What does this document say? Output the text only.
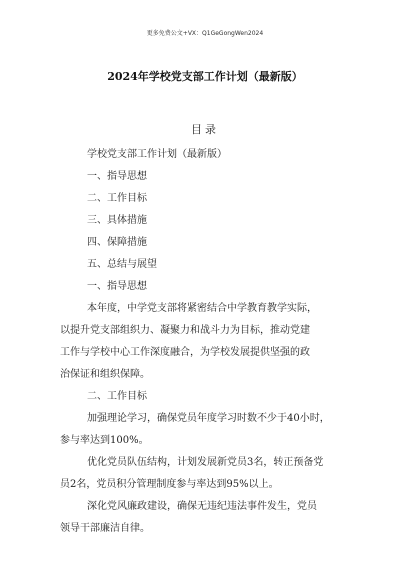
更多免费公文+VX：Q1GeGongWen2024
2024年学校党支部工作计划（最新版）
目录
学校党支部工作计划（最新版）
一、指导思想
二、工作目标
三、具体措施
四、保障措施
五、总结与展望
一、指导思想
本年度，中学党支部将紧密结合中学教育教学实际，
以提升党支部组织力、凝聚力和战斗力为目标，推动党建
工作与学校中心工作深度融合，为学校发展提供坚强的政
治保证和组织保障。
二、工作目标
加强理论学习，确保党员年度学习时数不少于40小时，
参与率达到100%。
优化党员队伍结构，计划发展新党员3名，转正预备党
员2名，党员积分管理制度参与率达到95%以上。
深化党风廉政建设，确保无违纪违法事件发生，党员
领导干部廉洁自律。
